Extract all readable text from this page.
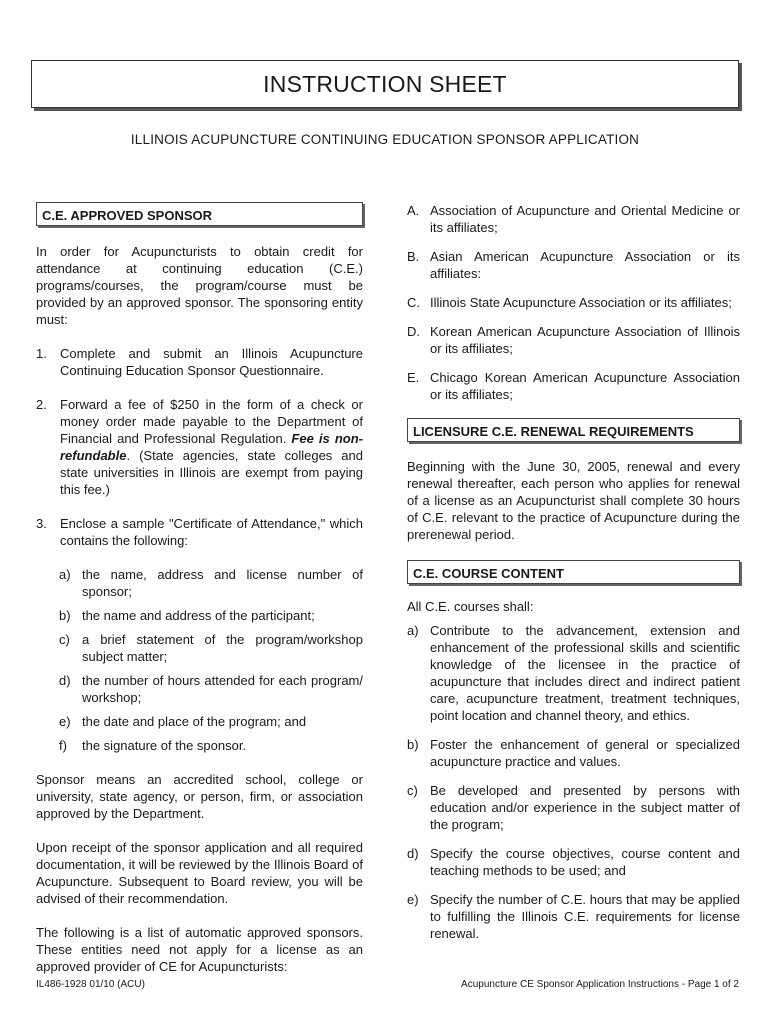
INSTRUCTION SHEET
ILLINOIS ACUPUNCTURE CONTINUING EDUCATION SPONSOR APPLICATION
C.E. APPROVED SPONSOR

In order for Acupuncturists to obtain credit for attendance at continuing education (C.E.) programs/courses, the program/course must be provided by an approved sponsor. The sponsoring entity must:

1.	Complete and submit an Illinois Acupuncture Continuing Education Sponsor Questionnaire.
2.	Forward a fee of $250 in the form of a check or money order made payable to the Department of Financial and Professional Regulation. Fee is non-refundable. (State agencies, state colleges and state universities in Illinois are exempt from paying this fee.)
3.	Enclose a sample "Certificate of Attendance," which contains the following:
a) the name, address and license number of sponsor;
b) the name and address of the participant;
c) a brief statement of the program/workshop subject matter;
d) the number of hours attended for each program/ workshop;
e) the date and place of the program; and
f)	the signature of the sponsor.

Sponsor means an accredited school, college or university, state agency, or person, firm, or association approved by the Department.

Upon receipt of the sponsor application and all required documentation, it will be reviewed by the Illinois Board of Acupuncture. Subsequent to Board review, you will be advised of their recommendation.

The following is a list of automatic approved sponsors. These entities need not apply for a license as an approved provider of CE for Acupuncturists:

A. Association of Acupuncture and Oriental Medicine or its affiliates;
B. Asian American Acupuncture Association or its affiliates:
C. Illinois State Acupuncture Association or its affiliates;
D. Korean American Acupuncture Association of Illinois or its affiliates;
E. Chicago Korean American Acupuncture Association or its affiliates;
LICENSURE C.E. RENEWAL REQUIREMENTS

Beginning with the June 30, 2005, renewal and every renewal thereafter, each person who applies for renewal of a license as an Acupuncturist shall complete 30 hours of C.E. relevant to the practice of Acupuncture during the prerenewal period.

C.E. COURSE CONTENT

All C.E. courses shall:

a) Contribute to the advancement, extension and enhancement of the professional skills and scientific knowledge of the licensee in the practice of acupuncture that includes direct and indirect patient care, acupuncture treatment, treatment techniques, point location and channel theory, and ethics.
b) Foster the enhancement of general or specialized acupuncture practice and values.
c) Be developed and presented by persons with education and/or experience in the subject matter of the program;
d) Specify the course objectives, course content and teaching methods to be used; and
e) Specify the number of C.E. hours that may be applied to fulfilling the Illinois C.E. requirements for license renewal.
IL486-1928 01/10 (ACU)	Acupuncture CE Sponsor Application Instructions - Page 1 of 2
